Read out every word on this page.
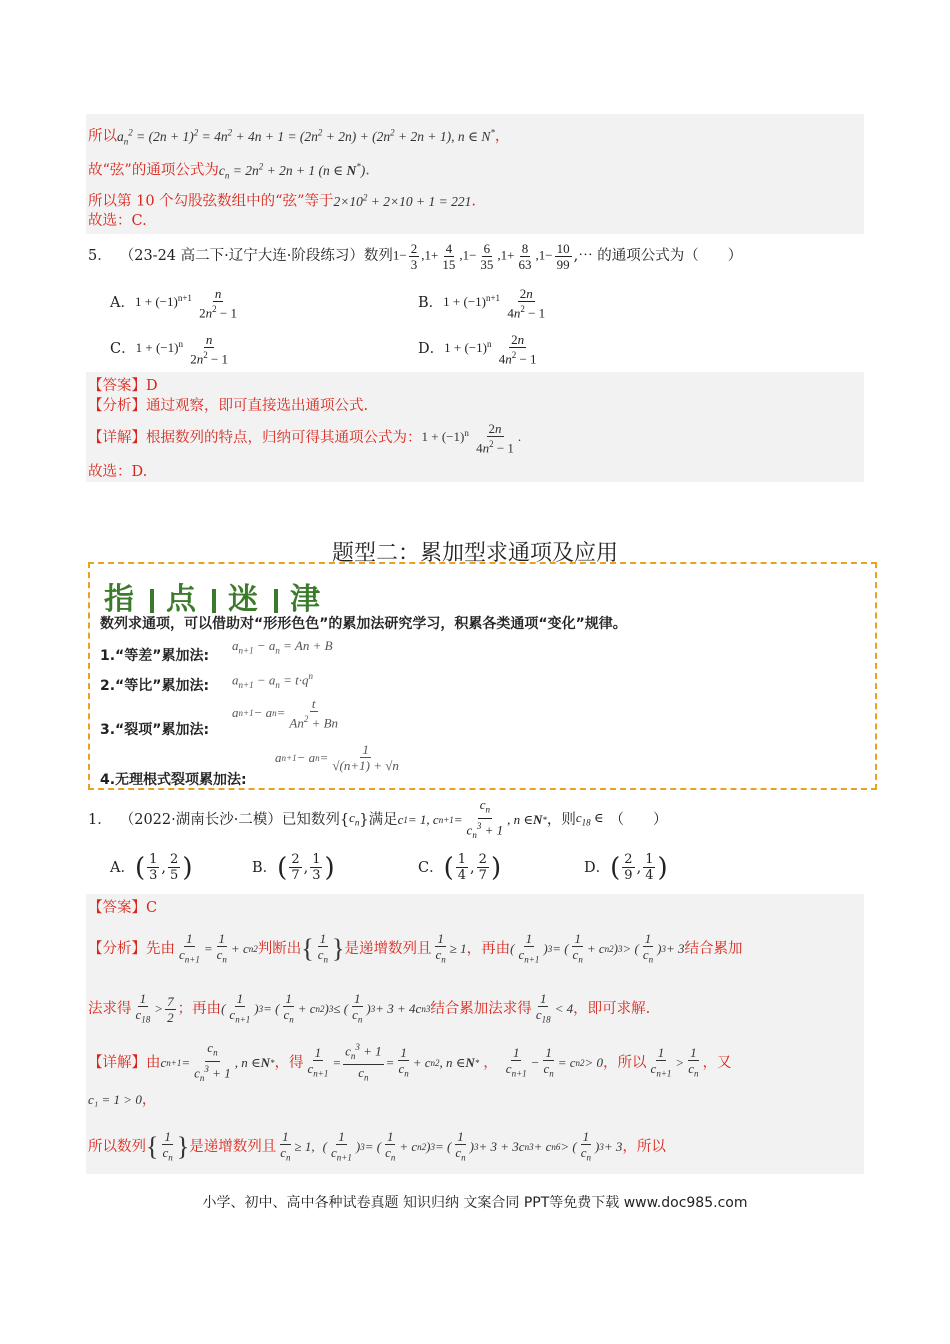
所以$a_n^2 = (2n + 1)^2 = 4n^2 + 4n + 1 = (2n^2 + 2n) + (2n^2 + 2n + 1)$, n ∈ N*，
故“弦”的通项公式为$c_n = 2n^2 + 2n + 1$ (n ∈ N*).
所以第 10 个勾股弦数组中的“弦”等于$2\times 10^2 + 2\times 10 + 1 = 221$.
故选：C.
5． （23-24 高二下·辽宁大连·阶段练习）数列 $1- \frac{2}{3} ,1+ \frac{4}{15} ,1- \frac{6}{35} ,1+ \frac{8}{63} ,1- \frac{10}{99}$ ,⋯ 的通项公式为（　　）
A． $1 + (-1)^{n+1} \frac{n}{2n^2 - 1}$	B． $1 + (-1)^{n+1} \frac{2n}{4n^2 - 1}$
C． $1 + (-1)^n \frac{n}{2n^2 - 1}$	D． $1 + (-1)^n \frac{2n}{4n^2 - 1}$
【答案】D
【分析】通过观察，即可直接选出通项公式.
【详解】 根据数列的特点，归纳可得其通项公式为： $1 + (-1)^n \frac{2n}{4n^2 - 1}$ .
故选：D.
题型二：累加型求通项及应用
指 点 迷 津
数列求通项，可以借助对“形形色色”的累加法研究学习，积累各类通项“变化”规律。
1.“等差”累加法:
$a_{n+1} - a_n = An + B$
2.“等比”累加法: $a_{n+1} - a_n = t\cdot q^n$
3.“裂项”累加法:
a n+1 − a $n = \frac{t}{An^2 + Bn}$
4.无理根式裂项累加法:
a n+1 − a $n = \frac{1}{√(n+1) + √n}$
1． （2022·湖南长沙·二模）已知数列{ $c_n$ }满足 c 1 = 1, c $n+1 = \frac{c_n}{c_n^3 + 1}$ , n ∈ N * ，则 $c_{18}$ ∈ （　　）
A． ( $\frac{1}{3}$ , $\frac{2}{5}$ )	B． ( $\frac{2}{7}$ , $\frac{1}{3}$ )	C． ( $\frac{1}{4}$ , $\frac{2}{7}$ )	D． ( $\frac{2}{9}$ , $\frac{1}{4}$ )
【答案】C
【分析】 先由 $\frac{1}{c_{n+1}} = \frac{1}{c_n} + c$ n 2 判断出 { $\frac{1}{c_n}$ } 是递增数列且 $\frac{1}{c_n} \ge 1$ ，再由 ( $\frac{1}{c_{n+1}}$ ) 3 = ( $\frac{1}{c_n} + c$ n 2 ) 3 > ( $\frac{1}{c_n}$ ) 3 + 3 结合累加
法求得 $\frac{1}{c_{18}} > \frac{7}{2}$ ；再由 ( $\frac{1}{c_{n+1}}$ ) 3 = ( $\frac{1}{c_n} + c$ n 2 ) 3 ≤ ( $\frac{1}{c_n}$ ) 3 + 3 + 4c n 3 结合累加法求得 $\frac{1}{c_{18}} < 4$ ，即可求解.
【详解】 由 c $n+1 = \frac{c_n}{c_n^3 + 1}$ , n ∈ N * ，得 $\frac{1}{c_{n+1}} = \frac{c_n^3 + 1}{c_n} = \frac{1}{c_n} + c$ n 2 , n ∈ N * ， $\frac{1}{c_{n+1}} - \frac{1}{c_n} = c$ n 2 > 0 ，所以 $\frac{1}{c_{n+1}} > \frac{1}{c_n}$ ，又
c₁ = 1 > 0，
所以数列 { $\frac{1}{c_n}$ } 是递增数列且 $\frac{1}{c_n} \ge 1$, ( $\frac{1}{c_{n+1}}$ ) 3 = ( $\frac{1}{c_n} + c$ n 2 ) 3 = ( $\frac{1}{c_n}$ ) 3 + 3 + 3c n 3 + c n 6 > ( $\frac{1}{c_n}$ ) 3 + 3 ，所以
小学、初中、高中各种试卷真题 知识归纳 文案合同 PPT等免费下载 www.doc985.com
